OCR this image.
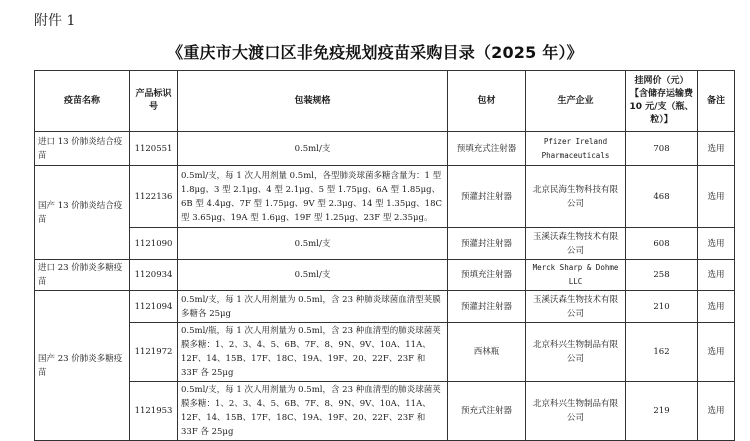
附件 1
《重庆市大渡口区非免疫规划疫苗采购目录（2025 年）》
疫苗名称	产品标识号	包装规格	包材	生产企业	挂网价（元）【含储存运输费 10 元/支（瓶、粒）】	备注
进口 13 价肺炎结合疫苗	1120551	0.5ml/支	预填充式注射器	Pfizer Ireland Pharmaceuticals	708	选用
国产 13 价肺炎结合疫苗	1122136	0.5ml/支，每 1 次人用剂量 0.5ml，各型肺炎球菌多糖含量为：1 型 1.8μg、3 型 2.1μg、4 型 2.1μg、5 型 1.75μg、6A 型 1.85μg、6B 型 4.4μg、7F 型 1.75μg、9V 型 2.3μg、14 型 1.35μg、18C 型 3.65μg、19A 型 1.6μg、19F 型 1.25μg、23F 型 2.35μg。	预灌封注射器	北京民海生物科技有限公司	468	选用
	1121090	0.5ml/支	预灌封注射器	玉溪沃森生物技术有限公司	608	选用
进口 23 价肺炎多糖疫苗	1120934	0.5ml/支	预填充注射器	Merck Sharp & Dohme LLC	258	选用
国产 23 价肺炎多糖疫苗	1121094	0.5ml/支，每 1 次人用剂量为 0.5ml，含 23 种肺炎球菌血清型荚膜多糖各 25μg	预灌封注射器	玉溪沃森生物技术有限公司	210	选用
	1121972	0.5ml/瓶，每 1 次人用剂量为 0.5ml，含 23 种血清型的肺炎球菌荚膜多糖：1、2、3、4、5、6B、7F、8、9N、9V、10A、11A、12F、14、15B、17F、18C、19A、19F、20、22F、23F 和 33F 各 25μg	西林瓶	北京科兴生物制品有限公司	162	选用
	1121953	0.5ml/支，每 1 次人用剂量为 0.5ml，含 23 种血清型的肺炎球菌荚膜多糖：1、2、3、4、5、6B、7F、8、9N、9V、10A、11A、12F、14、15B、17F、18C、19A、19F、20、22F、23F 和 33F 各 25μg	预充式注射器	北京科兴生物制品有限公司	219	选用
